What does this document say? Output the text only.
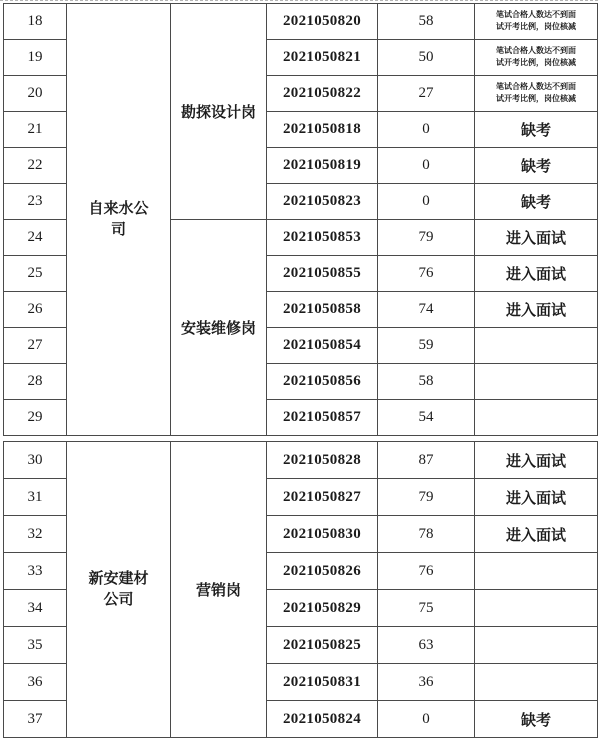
18	自来水公司	勘探设计岗	2021050820	58	笔试合格人数达不到面试开考比例，岗位核减
19			2021050821	50	笔试合格人数达不到面试开考比例，岗位核减
20			2021050822	27	笔试合格人数达不到面试开考比例，岗位核减
21			2021050818	0	缺考
22			2021050819	0	缺考
23			2021050823	0	缺考
24		安装维修岗	2021050853	79	进入面试
25			2021050855	76	进入面试
26			2021050858	74	进入面试
27			2021050854	59	
28			2021050856	58	
29			2021050857	54	
30	新安建材公司	营销岗	2021050828	87	进入面试
31			2021050827	79	进入面试
32			2021050830	78	进入面试
33			2021050826	76	
34			2021050829	75	
35			2021050825	63	
36			2021050831	36	
37			2021050824	0	缺考
